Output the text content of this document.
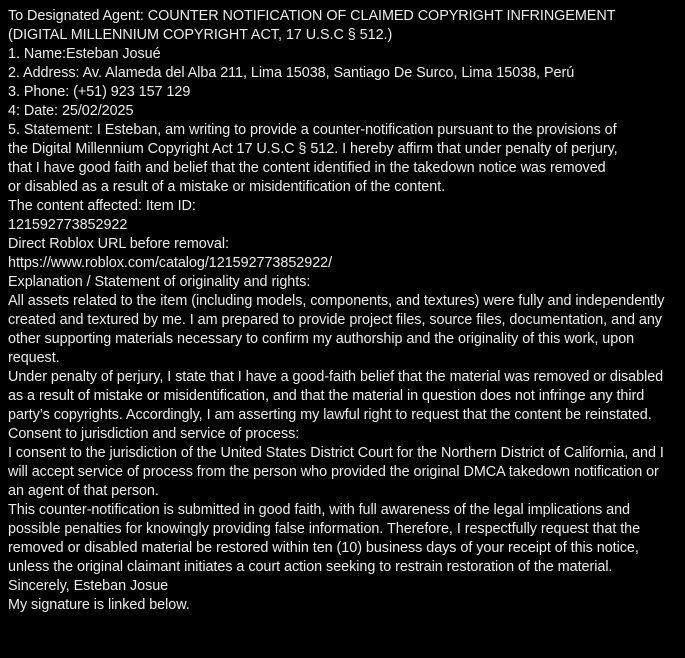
To Designated Agent: COUNTER NOTIFICATION OF CLAIMED COPYRIGHT INFRINGEMENT
(DIGITAL MILLENNIUM COPYRIGHT ACT, 17 U.S.C § 512.)
1. Name:Esteban Josué
2. Address: Av. Alameda del Alba 211, Lima 15038, Santiago De Surco, Lima 15038, Perú
3. Phone: (+51) 923 157 129
4: Date: 25/02/2025
5. Statement: I Esteban, am writing to provide a counter-notification pursuant to the provisions of
the Digital Millennium Copyright Act 17 U.S.C § 512. I hereby affirm that under penalty of perjury,
that I have good faith and belief that the content identified in the takedown notice was removed
or disabled as a result of a mistake or misidentification of the content.
The content affected: Item ID:
121592773852922
Direct Roblox URL before removal:
https://www.roblox.com/catalog/121592773852922/
Explanation / Statement of originality and rights:
All assets related to the item (including models, components, and textures) were fully and independently
created and textured by me. I am prepared to provide project files, source files, documentation, and any
other supporting materials necessary to confirm my authorship and the originality of this work, upon
request.
Under penalty of perjury, I state that I have a good-faith belief that the material was removed or disabled
as a result of mistake or misidentification, and that the material in question does not infringe any third
party’s copyrights. Accordingly, I am asserting my lawful right to request that the content be reinstated.
Consent to jurisdiction and service of process:
I consent to the jurisdiction of the United States District Court for the Northern District of California, and I
will accept service of process from the person who provided the original DMCA takedown notification or
an agent of that person.
This counter-notification is submitted in good faith, with full awareness of the legal implications and
possible penalties for knowingly providing false information. Therefore, I respectfully request that the
removed or disabled material be restored within ten (10) business days of your receipt of this notice,
unless the original claimant initiates a court action seeking to restrain restoration of the material.
Sincerely, Esteban Josue
My signature is linked below.
